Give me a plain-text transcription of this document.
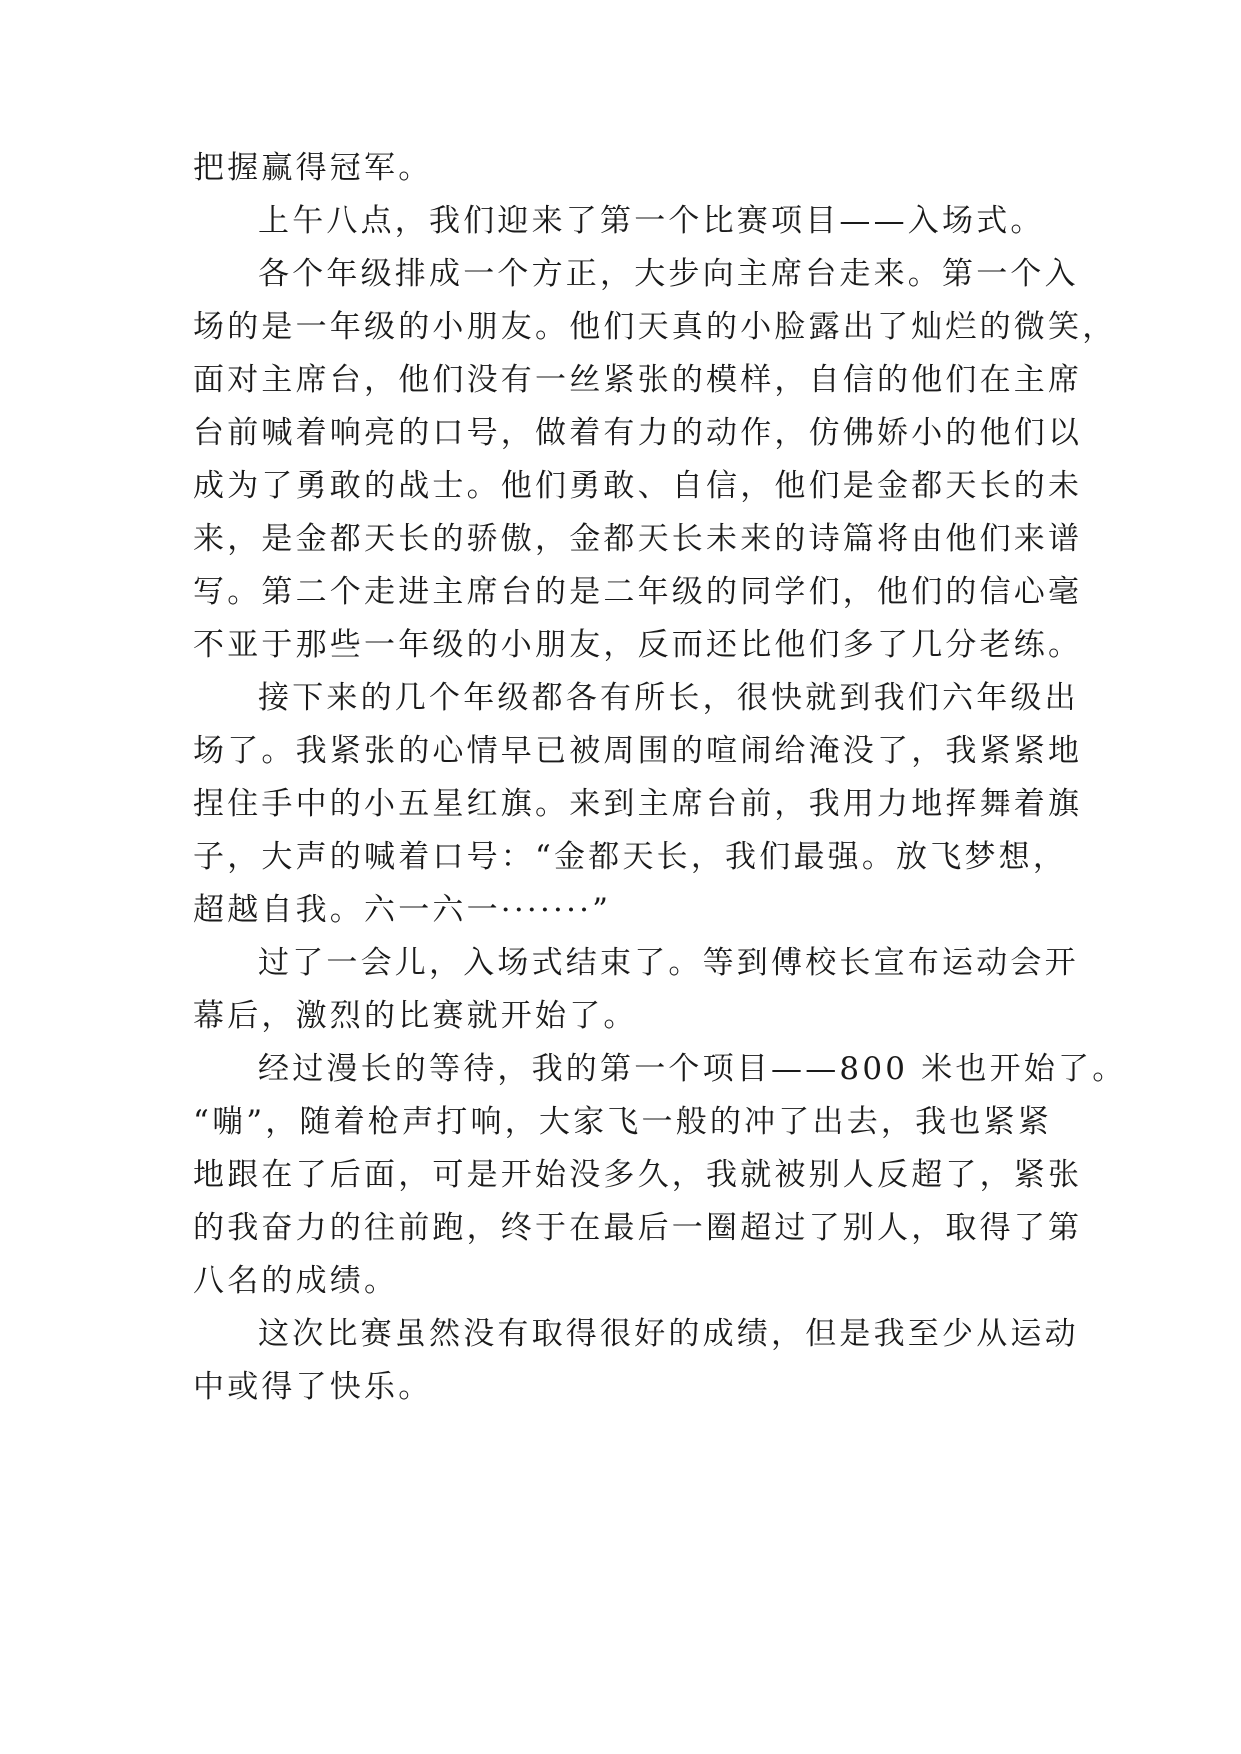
把握赢得冠军。
上午八点，我们迎来了第一个比赛项目——入场式。
各个年级排成一个方正，大步向主席台走来。第一个入
场的是一年级的小朋友。他们天真的小脸露出了灿烂的微笑，
面对主席台，他们没有一丝紧张的模样，自信的他们在主席
台前喊着响亮的口号，做着有力的动作，仿佛娇小的他们以
成为了勇敢的战士。他们勇敢、自信，他们是金都天长的未
来，是金都天长的骄傲，金都天长未来的诗篇将由他们来谱
写。第二个走进主席台的是二年级的同学们，他们的信心毫
不亚于那些一年级的小朋友，反而还比他们多了几分老练。
接下来的几个年级都各有所长，很快就到我们六年级出
场了。我紧张的心情早已被周围的喧闹给淹没了，我紧紧地
捏住手中的小五星红旗。来到主席台前，我用力地挥舞着旗
子，大声的喊着口号：“金都天长，我们最强。放飞梦想，
超越自我。六一六一·······”
过了一会儿，入场式结束了。等到傅校长宣布运动会开
幕后，激烈的比赛就开始了。
经过漫长的等待，我的第一个项目——800 米也开始了。
“嘣”，随着枪声打响，大家飞一般的冲了出去，我也紧紧
地跟在了后面，可是开始没多久，我就被别人反超了，紧张
的我奋力的往前跑，终于在最后一圈超过了别人，取得了第
八名的成绩。
这次比赛虽然没有取得很好的成绩，但是我至少从运动
中或得了快乐。
